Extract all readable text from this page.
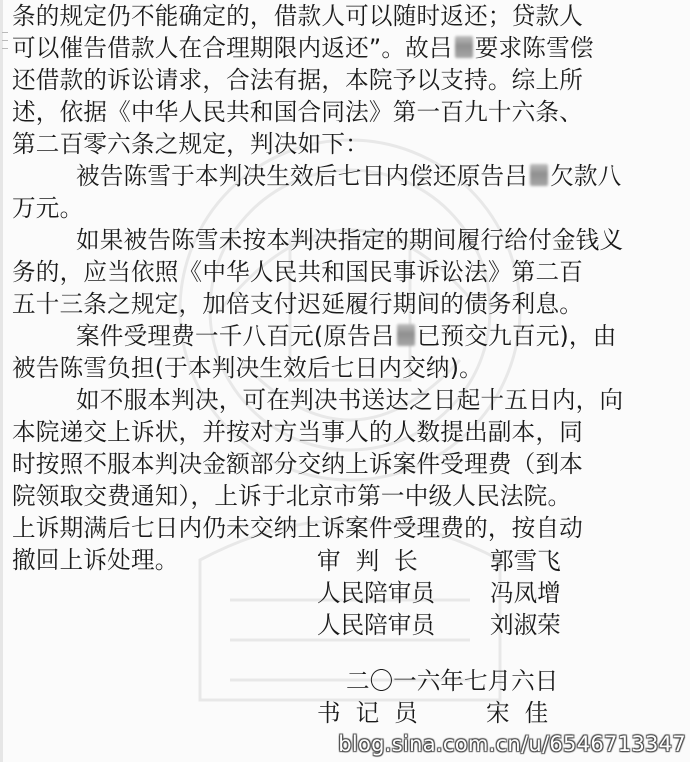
条的规定仍不能确定的，借款人可以随时返还；贷款人
可以催告借款人在合理期限内返还”。故吕 要求陈雪偿
还借款的诉讼请求，合法有据，本院予以支持。综上所
述，依据《中华人民共和国合同法》第一百九十六条、
第二百零六条之规定，判决如下：
被告陈雪于本判决生效后七日内偿还原告吕 欠款八
万元。
如果被告陈雪未按本判决指定的期间履行给付金钱义
务的，应当依照《中华人民共和国民事诉讼法》第二百
五十三条之规定，加倍支付迟延履行期间的债务利息。
案件受理费一千八百元(原告吕 已预交九百元)，由
被告陈雪负担(于本判决生效后七日内交纳)。
如不服本判决，可在判决书送达之日起十五日内，向
本院递交上诉状，并按对方当事人的人数提出副本，同
时按照不服本判决金额部分交纳上诉案件受理费（到本
院领取交费通知），上诉于北京市第一中级人民法院。
上诉期满后七日内仍未交纳上诉案件受理费的，按自动
撤回上诉处理。	审  判  长	郭雪飞
人民陪审员 冯凤增
人民陪审员 刘淑荣
二〇一六年七月六日
书  记  员	宋  佳
blog.sina.com.cn/u/6546713347
